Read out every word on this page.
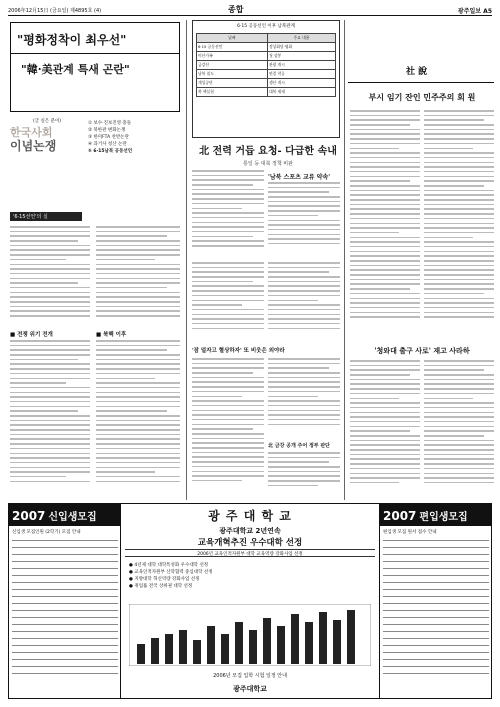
2006年12月15日 (금요일) 제4895호 (4)	종합	광주일보 A5
"평화정착이 최우선"
"韓·美관계 특새 곤란"
(글 실은 분이)
한국사회
이념논쟁
① 보수·진보진영 충돌
② 북한관 변화논쟁
③ 한미FTA 찬반논란
④ 과거사 청산 논란
⑤ 6·15남북 공동선언
'6·15선언'의 실
■ 전쟁 위기 전개	■ 북핵 이후
6·15 공동선언 이후 남북관계
날짜	주요 내용
6·15 공동선언	정상회담·평화
이산가족	첫 상봉
금강산	관광 개시
남북 철도	연결 착공
개성공단	생산 개시
북 핵실험	대북 제재
北 전력 거듭 요청- 다급한 속내
통일 등 대북 정책 비판
'남북 스포츠 교류 약속'
'잠 덜자고 혈상하자' 또 비웃은 외야라
北 금강 공개 주어 정부 판단
社 說
부시 임기 잔인 민주주의 회 원
'청와대 출구 사로' 재고 사라하
2007 신입생모집
신입생 모집인원 (2학기) 모집 안내
광 주 대 학 교
광주대학교 2년연속
교육개혁추진 우수대학 선정
2006년 교육인적자원부 대학 교육역량 강화사업 선정
● 4년제 대학 대학특성화 우수대학 선정
● 교육인적자원부 산학협력 중심대학 선정
● 지방대학 혁신역량 강화사업 선정
● 취업률 전국 상위권 대학 선정
2006년 모집 입학 시험 일정 안내
광주대학교
2007 편입생모집
편입생 모집 원서 접수 안내
